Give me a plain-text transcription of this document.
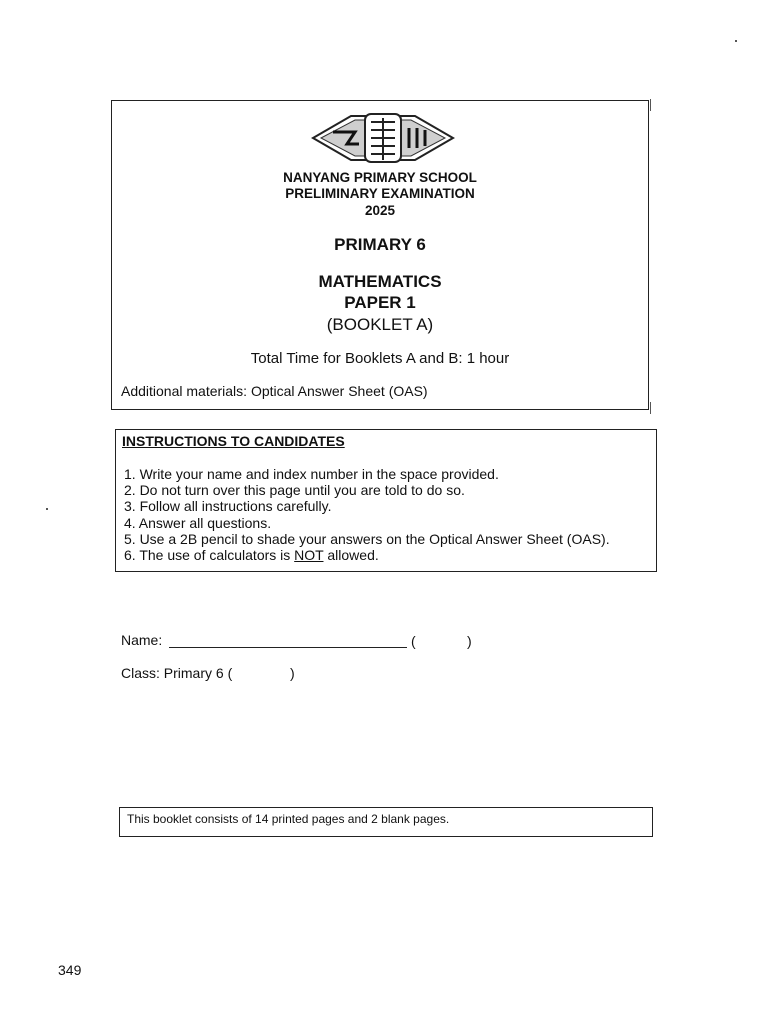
NANYANG PRIMARY SCHOOL
PRELIMINARY EXAMINATION
2025
PRIMARY 6
MATHEMATICS
PAPER 1
(BOOKLET A)
Total Time for Booklets A and B: 1 hour
Additional materials: Optical Answer Sheet (OAS)
INSTRUCTIONS TO CANDIDATES
1. Write your name and index number in the space provided.
2. Do not turn over this page until you are told to do so.
3. Follow all instructions carefully.
4. Answer all questions.
5. Use a 2B pencil to shade your answers on the Optical Answer Sheet (OAS).
6. The use of calculators is NOT allowed.
Name:	(	)
Class: Primary 6 (	)
This booklet consists of 14 printed pages and 2 blank pages.
349
